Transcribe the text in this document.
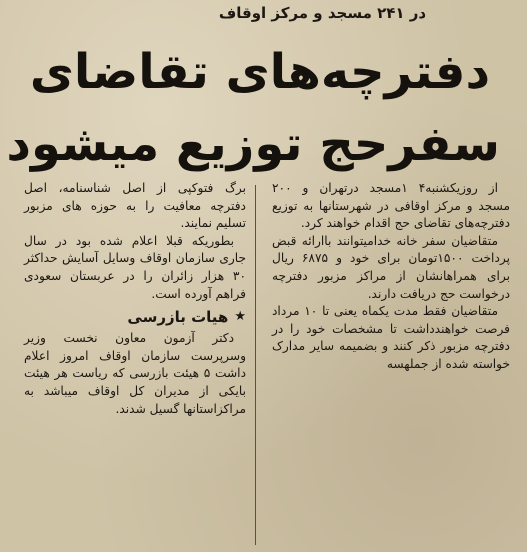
در ۲۴۱ مسجد و مرکز اوقاف
دفترچه‌های تقاضای
سفرحج توزیع میشود

از روزیکشنبه۴ ۱مسجد درتهران و ۲۰۰ مسجد و مرکز اوقافی در شهرستانها به توزیع دفترچه‌های تقاضای حج اقدام خواهند کرد.

متقاضیان سفر خانه خدامیتوانند باارائه قبض پرداخت ۱۵۰۰تومان برای خود و ۶۸۷۵ ریال برای همراهانشان از مراکز مزبور دفترچه درخواست حج دریافت دارند.

متقاضیان فقط مدت یکماه یعنی تا ۱۰ مرداد فرصت خواهندداشت تا مشخصات خود را در دفترچه مزبور ذکر کنند و بضمیمه سایر مدارک خواسته شده از جملهسه

برگ فتوکپی از اصل شناسنامه، اصل دفترچه معافیت را به حوزه های مزبور تسلیم نمایند.

بطوریکه قبلا اعلام شده بود در سال جاری سازمان اوقاف وسایل آسایش حداکثر ۳۰ هزار زائران را در عربستان سعودی فراهم آورده است.

★
هیات بازرسی

دکتر آزمون معاون نخست وزیر وسرپرست سازمان اوقاف امروز اعلام داشت ۵ هیئت بازرسی که ریاست هر هیئت بایکی از مدیران کل اوقاف میباشد به مراکزاستانها گسیل شدند.
